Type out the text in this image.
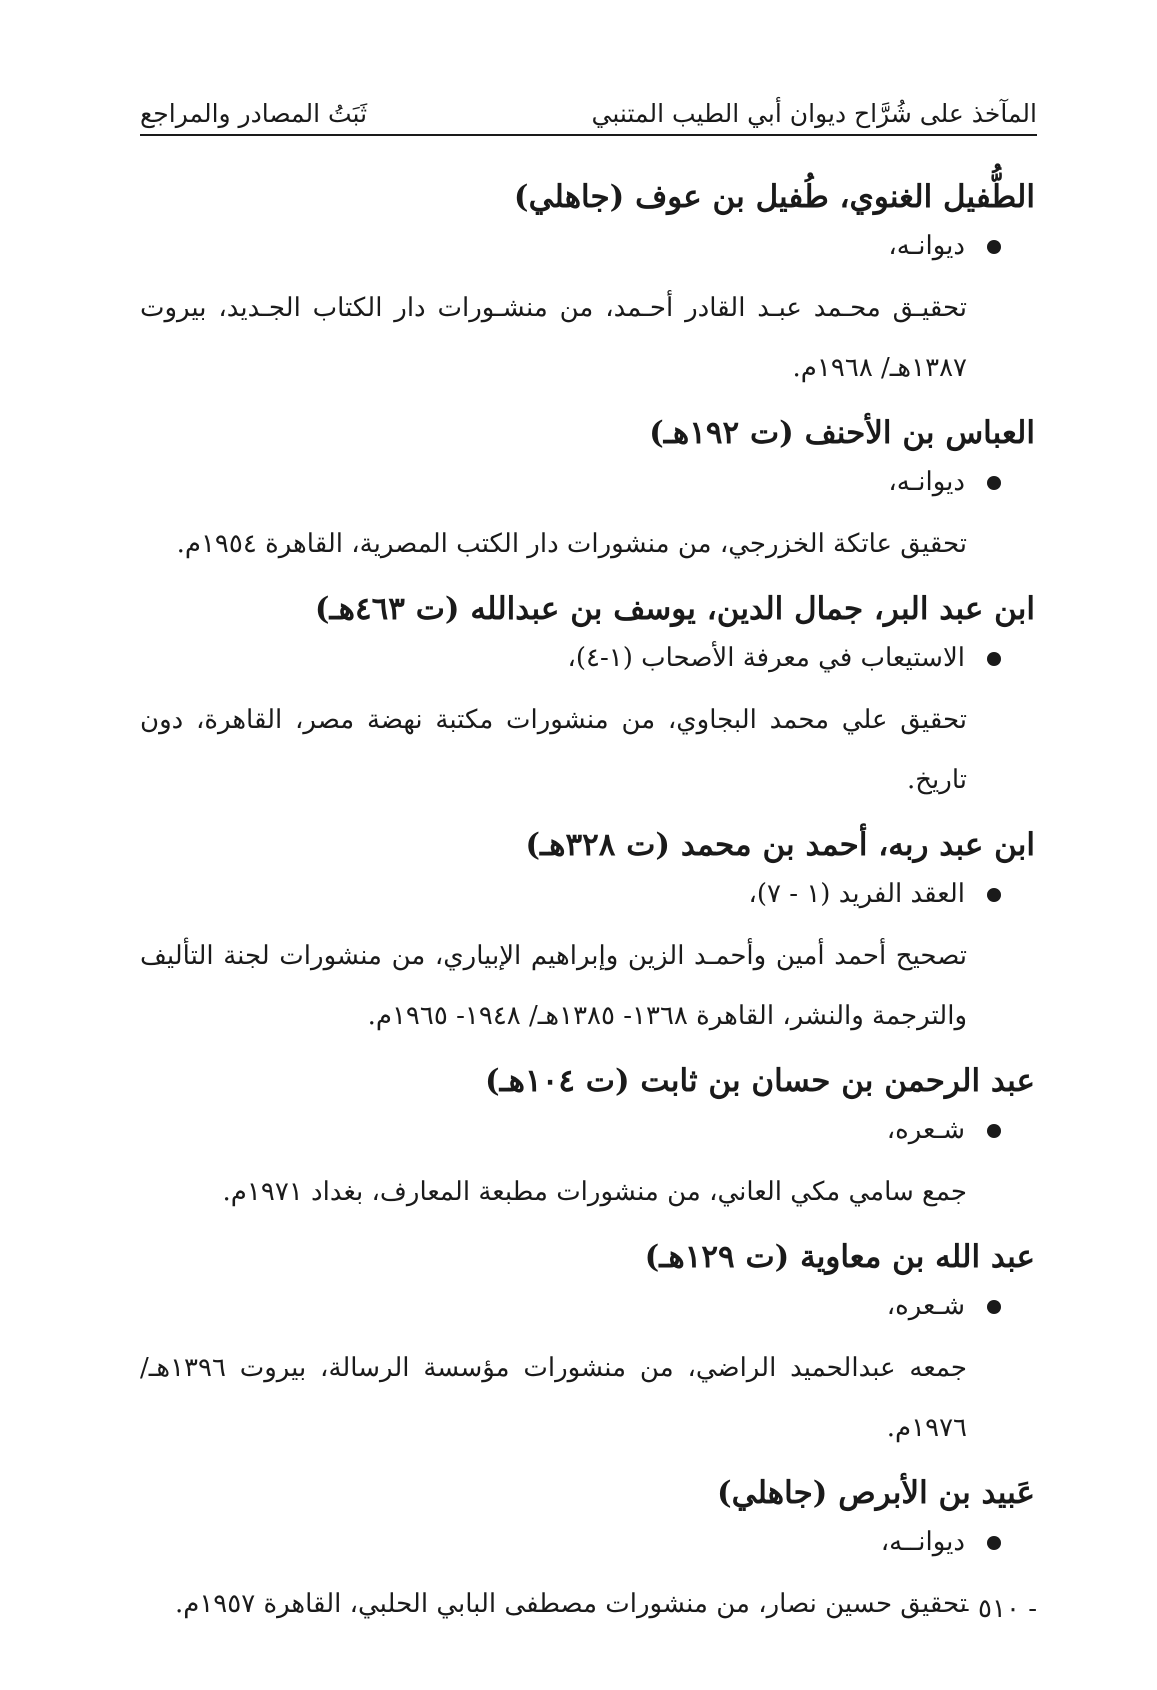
المآخذ على شُرَّاح ديوان أبي الطيب المتنبي
ثَبَتُ المصادر والمراجع
الطُّفيل الغنوي، طُفيل بن عوف (جاهلي)
ديوانـه،
تحقيـق محـمد عبـد القادر أحـمد، من منشـورات دار الكتاب الجـديد، بيروت ١٣٨٧هـ/ ١٩٦٨م.
العباس بن الأحنف (ت ١٩٢هـ)
ديوانـه،
تحقيق عاتكة الخزرجي، من منشورات دار الكتب المصرية، القاهرة ١٩٥٤م.
ابن عبد البر، جمال الدين، يوسف بن عبدالله (ت ٤٦٣هـ)
الاستيعاب في معرفة الأصحاب (١-٤)،
تحقيق علي محمد البجاوي، من منشورات مكتبة نهضة مصر، القاهرة، دون تاريخ.
ابن عبد ربه، أحمد بن محمد (ت ٣٢٨هـ)
العقد الفريد (١ - ٧)،
تصحيح أحمد أمين وأحمـد الزين وإبراهيم الإبياري، من منشورات لجنة التأليف والترجمة والنشر، القاهرة ١٣٦٨- ١٣٨٥هـ/ ١٩٤٨- ١٩٦٥م.
عبد الرحمن بن حسان بن ثابت (ت ١٠٤هـ)
شـعره،
جمع سامي مكي العاني، من منشورات مطبعة المعارف، بغداد ١٩٧١م.
عبد الله بن معاوية (ت ١٢٩هـ)
شـعره،
جمعه عبدالحميد الراضي، من منشورات مؤسسة الرسالة، بيروت ١٣٩٦هـ/ ١٩٧٦م.
عَبيد بن الأبرص (جاهلي)
ديوانــه،
تحقيق حسين نصار، من منشورات مصطفى البابي الحلبي، القاهرة ١٩٥٧م.
- ٥١٠ -
